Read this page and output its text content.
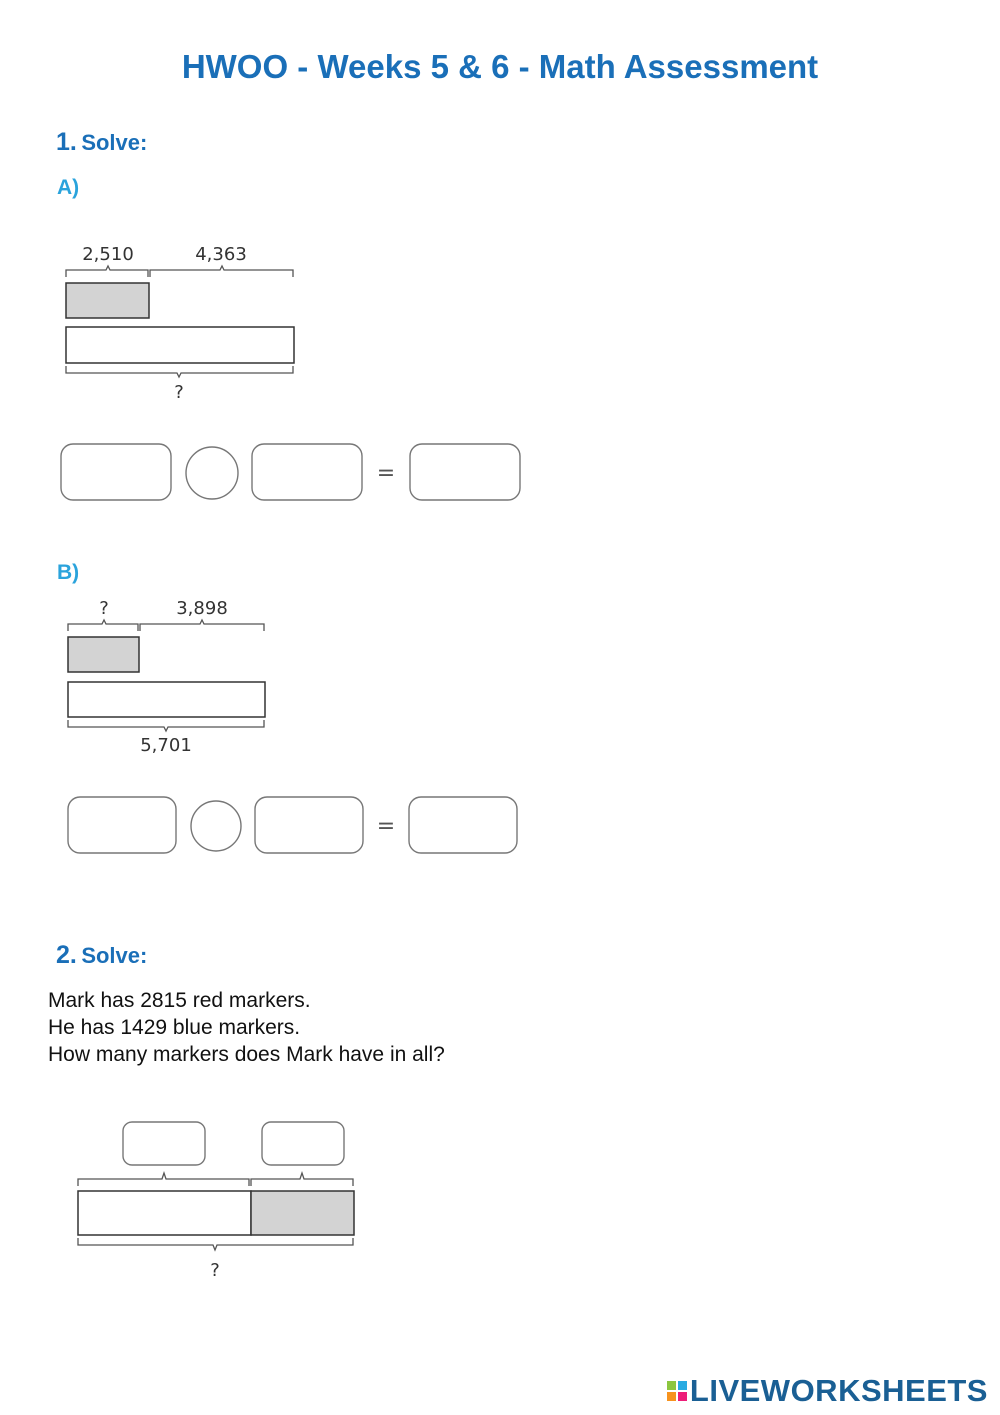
HWOO - Weeks 5 & 6 - Math Assessment
1. Solve:
A)
2,510	4,363
?
=
B)
?	3,898
5,701
=
2. Solve:
Mark has 2815 red markers.
He has 1429 blue markers.
How many markers does Mark have in all?
?
LIVEWORKSHEETS
